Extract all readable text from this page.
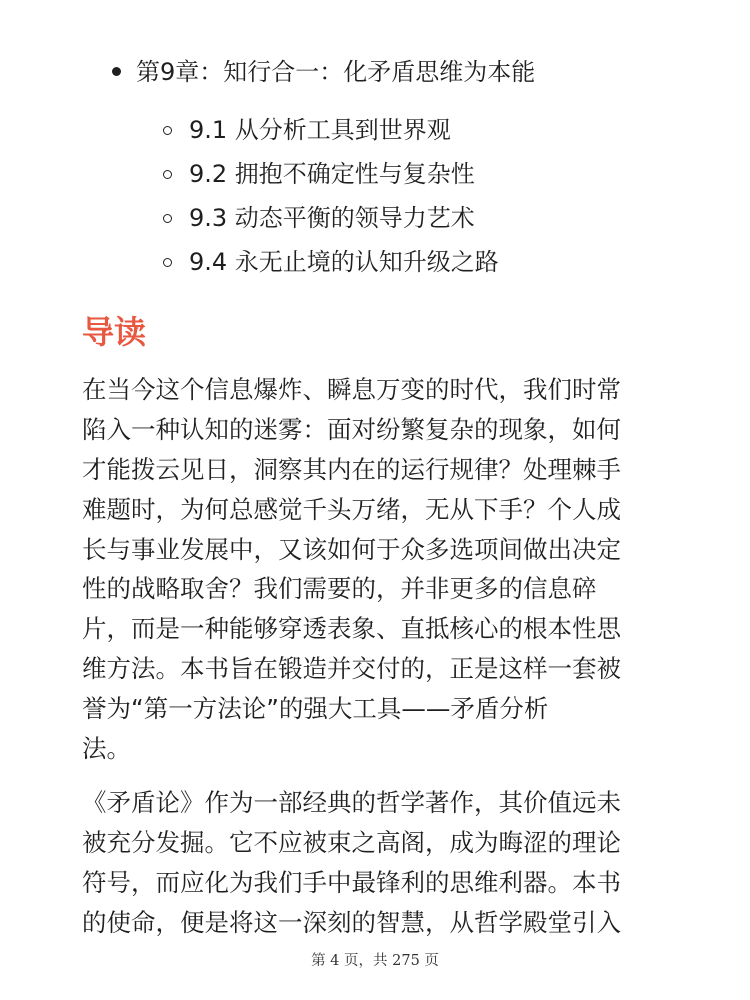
第9章：知行合一：化矛盾思维为本能
9.1 从分析工具到世界观
9.2 拥抱不确定性与复杂性
9.3 动态平衡的领导力艺术
9.4 永无止境的认知升级之路
导读
在当今这个信息爆炸、瞬息万变的时代，我们时常
陷入一种认知的迷雾：面对纷繁复杂的现象，如何
才能拨云见日，洞察其内在的运行规律？处理棘手
难题时，为何总感觉千头万绪，无从下手？个人成
长与事业发展中，又该如何于众多选项间做出决定
性的战略取舍？我们需要的，并非更多的信息碎
片，而是一种能够穿透表象、直抵核心的根本性思
维方法。本书旨在锻造并交付的，正是这样一套被
誉为“第一方法论”的强大工具——矛盾分析
法。
《矛盾论》作为一部经典的哲学著作，其价值远未
被充分发掘。它不应被束之高阁，成为晦涩的理论
符号，而应化为我们手中最锋利的思维利器。本书
的使命，便是将这一深刻的智慧，从哲学殿堂引入
第 4 页，共 275 页
